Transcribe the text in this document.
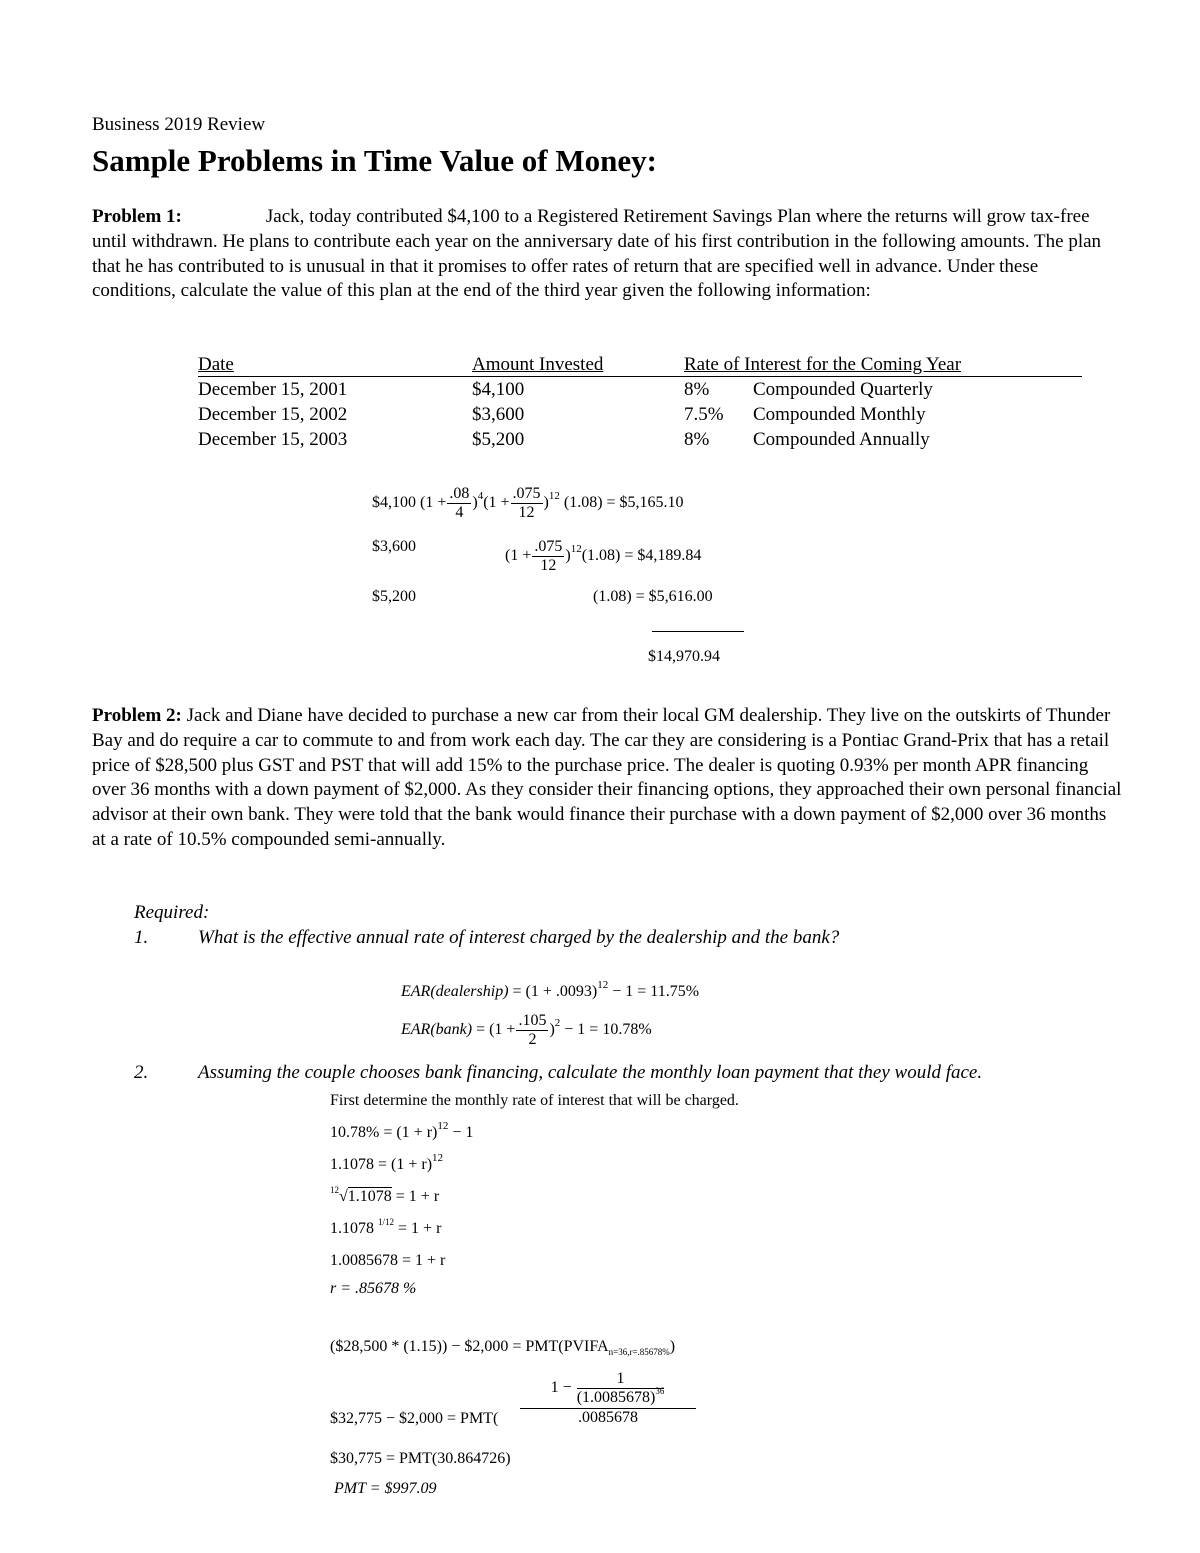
Business 2019 Review
Sample Problems in Time Value of Money:
Problem 1:	Jack, today contributed $4,100 to a Registered Retirement Savings Plan where the returns will grow tax-free until withdrawn. He plans to contribute each year on the anniversary date of his first contribution in the following amounts. The plan that he has contributed to is unusual in that it promises to offer rates of return that are specified well in advance. Under these conditions, calculate the value of this plan at the end of the third year given the following information:
Date	Amount Invested	Rate of Interest for the Coming Year
December 15, 2001	$4,100	8% Compounded Quarterly
December 15, 2002	$3,600	7.5% Compounded Monthly
December 15, 2003	$5,200	8% Compounded Annually
$4,100 $(1 + \frac{.08}{4} )^4(1 + \frac{.075}{12} )^{12}$ (1.08) = $5,165.10
$3,600
$(1 + \frac{.075}{12} )^{12}(1.08)$ = $4,189.84
$5,200	(1.08) = $5,616.00
$14,970.94
Problem 2: Jack and Diane have decided to purchase a new car from their local GM dealership. They live on the outskirts of Thunder Bay and do require a car to commute to and from work each day. The car they are considering is a Pontiac Grand-Prix that has a retail price of $28,500 plus GST and PST that will add 15% to the purchase price. The dealer is quoting 0.93% per month APR financing over 36 months with a down payment of $2,000. As they consider their financing options, they approached their own personal financial advisor at their own bank. They were told that the bank would finance their purchase with a down payment of $2,000 over 36 months at a rate of 10.5% compounded semi-annually.
Required:
1.	What is the effective annual rate of interest charged by the dealership and the bank?
EAR(dealership) = $(1 + .0093)^{12} - 1 = 11.75\%$
EAR(bank) = $(1 + \frac{.105}{2} )^2 - 1 = 10.78\%$
2.	Assuming the couple chooses bank financing, calculate the monthly loan payment that they would face.
First determine the monthly rate of interest that will be charged.
$10.78\% = (1 + r)^{12} - 1$
$1.1078 = (1 + r)^{12}$
$^{12}$√1.1078 = 1 + r
1.1078 $^{1/12}$ = 1 + r
1.0085678 = 1 + r
r = .85678 %
($28,500 * (1.15)) − $2,000 = $PMT(PVIFA_{n=36,r=.85678\%})$
$32,775 − $2,000 = PMT(
$1 - \frac{1}{(1.0085678)^{36}}$
.0085678
$30,775 = PMT(30.864726)
PMT = $997.09
